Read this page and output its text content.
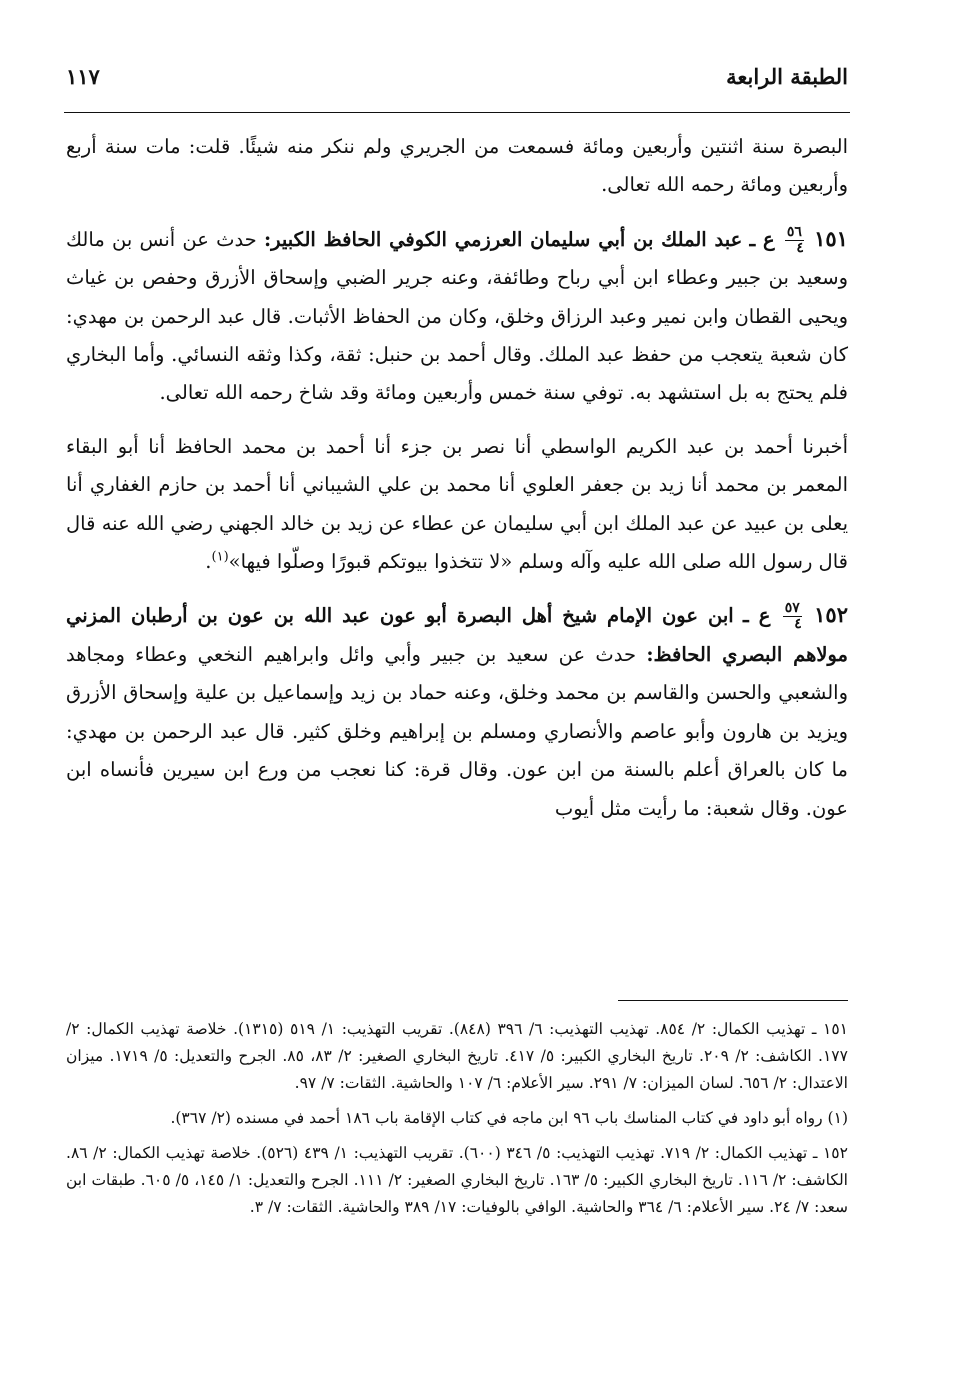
الطبقة الرابعة
١١٧

البصرة سنة اثنتين وأربعين ومائة فسمعت من الجريري ولم ننكر منه شيئًا. قلت: مات سنة أربع وأربعين ومائة رحمه الله تعالى.

١٥١
$\frac{٥٦}{٤}$
ع ـ عبد الملك بن أبي سليمان العرزمي الكوفي الحافظ الكبير: حدث عن أنس بن مالك وسعيد بن جبير وعطاء ابن أبي رباح وطائفة، وعنه جرير الضبي وإسحاق الأزرق وحفص بن غياث ويحيى القطان وابن نمير وعبد الرزاق وخلق، وكان من الحفاظ الأثبات. قال عبد الرحمن بن مهدي: كان شعبة يتعجب من حفظ عبد الملك. وقال أحمد بن حنبل: ثقة، وكذا وثقه النسائي. وأما البخاري فلم يحتج به بل استشهد به. توفي سنة خمس وأربعين ومائة وقد شاخ رحمه الله تعالى.

أخبرنا أحمد بن عبد الكريم الواسطي أنا نصر بن جزء أنا أحمد بن محمد الحافظ أنا أبو البقاء المعمر بن محمد أنا زيد بن جعفر العلوي أنا محمد بن علي الشيباني أنا أحمد بن حازم الغفاري أنا يعلى بن عبيد عن عبد الملك ابن أبي سليمان عن عطاء عن زيد بن خالد الجهني رضي الله عنه قال قال رسول الله صلى الله عليه وآله وسلم «لا تتخذوا بيوتكم قبورًا وصلّوا فيها»$^{(١)}$.

١٥٢
$\frac{٥٧}{٤}$
ع ـ ابن عون الإمام شيخ أهل البصرة أبو عون عبد الله بن عون بن أرطبان المزني مولاهم البصري الحافظ: حدث عن سعيد بن جبير وأبي وائل وابراهيم النخعي وعطاء ومجاهد والشعبي والحسن والقاسم بن محمد وخلق، وعنه حماد بن زيد وإسماعيل بن علية وإسحاق الأزرق ويزيد بن هارون وأبو عاصم والأنصاري ومسلم بن إبراهيم وخلق كثير. قال عبد الرحمن بن مهدي: ما كان بالعراق أعلم بالسنة من ابن عون. وقال قرة: كنا نعجب من ورع ابن سيرين فأنساه ابن عون. وقال شعبة: ما رأيت مثل أيوب

١٥١ ـ تهذيب الكمال: ٢/ ٨٥٤. تهذيب التهذيب: ٦/ ٣٩٦ (٨٤٨). تقريب التهذيب: ١/ ٥١٩ (١٣١٥). خلاصة تهذيب الكمال: ٢/ ١٧٧. الكاشف: ٢/ ٢٠٩. تاريخ البخاري الكبير: ٥/ ٤١٧. تاريخ البخاري الصغير: ٢/ ٨٣، ٨٥. الجرح والتعديل: ٥/ ١٧١٩. ميزان الاعتدال: ٢/ ٦٥٦. لسان الميزان: ٧/ ٢٩١. سير الأعلام: ٦/ ١٠٧ والحاشية. الثقات: ٧/ ٩٧.
(١) رواه أبو داود في كتاب المناسك باب ٩٦ ابن ماجه في كتاب الإقامة باب ١٨٦ أحمد في مسنده (٢/ ٣٦٧).
١٥٢ ـ تهذيب الكمال: ٢/ ٧١٩. تهذيب التهذيب: ٥/ ٣٤٦ (٦٠٠). تقريب التهذيب: ١/ ٤٣٩ (٥٢٦). خلاصة تهذيب الكمال: ٢/ ٨٦. الكاشف: ٢/ ١١٦. تاريخ البخاري الكبير: ٥/ ١٦٣. تاريخ البخاري الصغير: ٢/ ١١١. الجرح والتعديل: ١/ ١٤٥، ٥/ ٦٠٥. طبقات ابن سعد: ٧/ ٢٤. سير الأعلام: ٦/ ٣٦٤ والحاشية. الوافي بالوفيات: ١٧/ ٣٨٩ والحاشية. الثقات: ٧/ ٣.
